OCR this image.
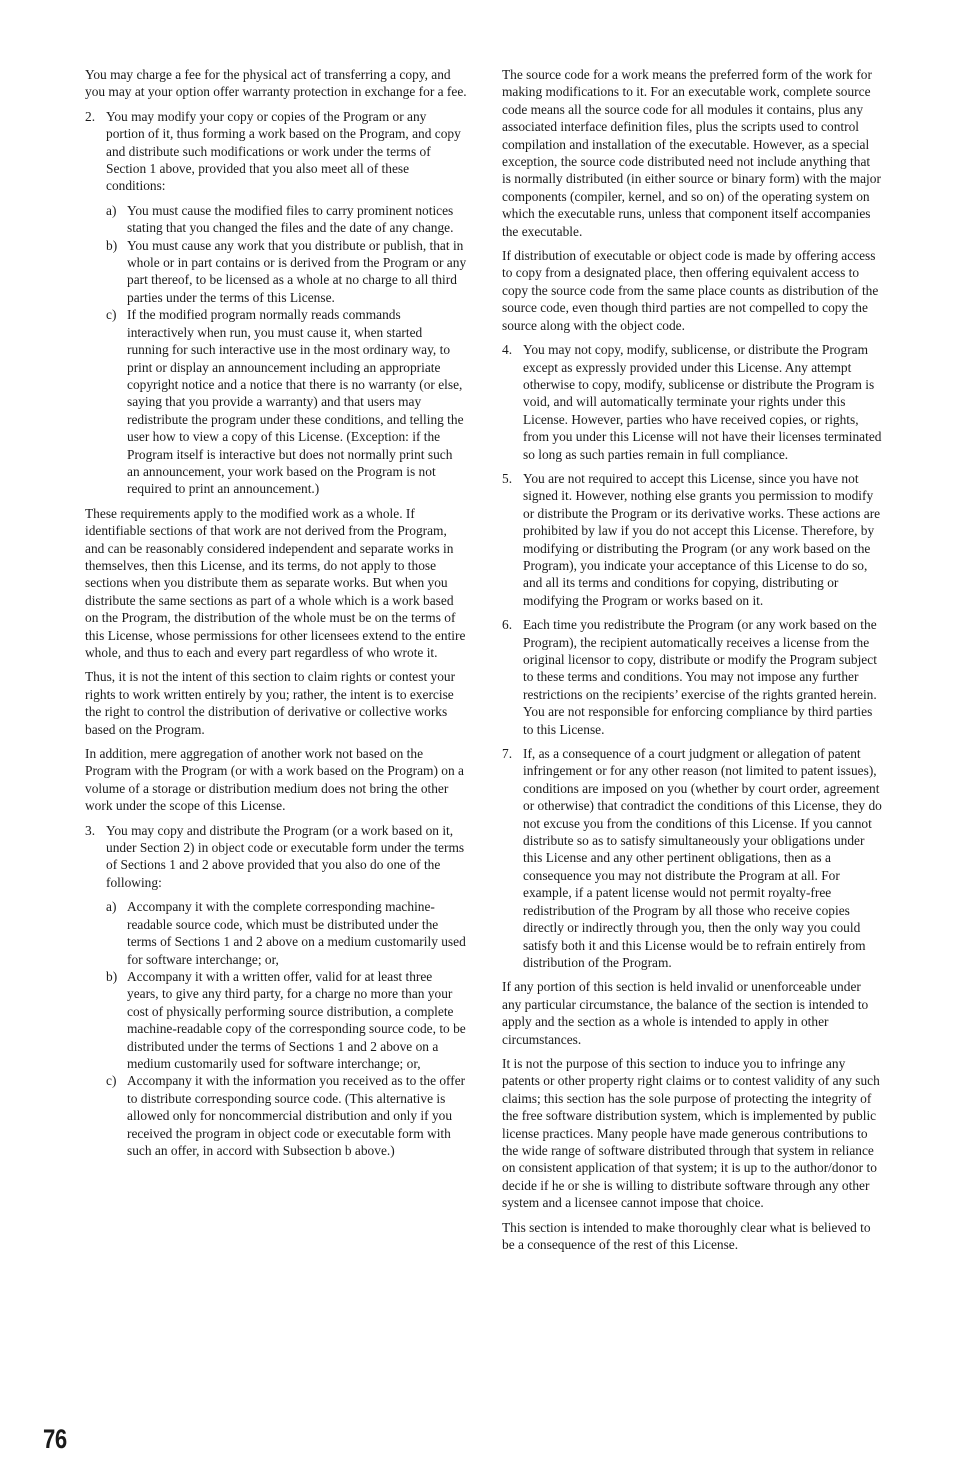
You may charge a fee for the physical act of transferring a copy, and you may at your option offer warranty protection in exchange for a fee.

2. You may modify your copy or copies of the Program or any portion of it, thus forming a work based on the Program, and copy and distribute such modifications or work under the terms of Section 1 above, provided that you also meet all of these conditions:
a) You must cause the modified files to carry prominent notices stating that you changed the files and the date of any change.
b) You must cause any work that you distribute or publish, that in whole or in part contains or is derived from the Program or any part thereof, to be licensed as a whole at no charge to all third parties under the terms of this License.
c) If the modified program normally reads commands interactively when run, you must cause it, when started running for such interactive use in the most ordinary way, to print or display an announcement including an appropriate copyright notice and a notice that there is no warranty (or else, saying that you provide a warranty) and that users may redistribute the program under these conditions, and telling the user how to view a copy of this License. (Exception: if the Program itself is interactive but does not normally print such an announcement, your work based on the Program is not required to print an announcement.)

These requirements apply to the modified work as a whole. If identifiable sections of that work are not derived from the Program, and can be reasonably considered independent and separate works in themselves, then this License, and its terms, do not apply to those sections when you distribute them as separate works. But when you distribute the same sections as part of a whole which is a work based on the Program, the distribution of the whole must be on the terms of this License, whose permissions for other licensees extend to the entire whole, and thus to each and every part regardless of who wrote it.

Thus, it is not the intent of this section to claim rights or contest your rights to work written entirely by you; rather, the intent is to exercise the right to control the distribution of derivative or collective works based on the Program.

In addition, mere aggregation of another work not based on the Program with the Program (or with a work based on the Program) on a volume of a storage or distribution medium does not bring the other work under the scope of this License.

3. You may copy and distribute the Program (or a work based on it, under Section 2) in object code or executable form under the terms of Sections 1 and 2 above provided that you also do one of the following:
a) Accompany it with the complete corresponding machine-readable source code, which must be distributed under the terms of Sections 1 and 2 above on a medium customarily used for software interchange; or,
b) Accompany it with a written offer, valid for at least three years, to give any third party, for a charge no more than your cost of physically performing source distribution, a complete machine-readable copy of the corresponding source code, to be distributed under the terms of Sections 1 and 2 above on a medium customarily used for software interchange; or,
c) Accompany it with the information you received as to the offer to distribute corresponding source code. (This alternative is allowed only for noncommercial distribution and only if you received the program in object code or executable form with such an offer, in accord with Subsection b above.)

The source code for a work means the preferred form of the work for making modifications to it. For an executable work, complete source code means all the source code for all modules it contains, plus any associated interface definition files, plus the scripts used to control compilation and installation of the executable. However, as a special exception, the source code distributed need not include anything that is normally distributed (in either source or binary form) with the major components (compiler, kernel, and so on) of the operating system on which the executable runs, unless that component itself accompanies the executable.

If distribution of executable or object code is made by offering access to copy from a designated place, then offering equivalent access to copy the source code from the same place counts as distribution of the source code, even though third parties are not compelled to copy the source along with the object code.

4. You may not copy, modify, sublicense, or distribute the Program except as expressly provided under this License. Any attempt otherwise to copy, modify, sublicense or distribute the Program is void, and will automatically terminate your rights under this License. However, parties who have received copies, or rights, from you under this License will not have their licenses terminated so long as such parties remain in full compliance.
5. You are not required to accept this License, since you have not signed it. However, nothing else grants you permission to modify or distribute the Program or its derivative works. These actions are prohibited by law if you do not accept this License. Therefore, by modifying or distributing the Program (or any work based on the Program), you indicate your acceptance of this License to do so, and all its terms and conditions for copying, distributing or modifying the Program or works based on it.
6. Each time you redistribute the Program (or any work based on the Program), the recipient automatically receives a license from the original licensor to copy, distribute or modify the Program subject to these terms and conditions. You may not impose any further restrictions on the recipients’ exercise of the rights granted herein. You are not responsible for enforcing compliance by third parties to this License.
7. If, as a consequence of a court judgment or allegation of patent infringement or for any other reason (not limited to patent issues), conditions are imposed on you (whether by court order, agreement or otherwise) that contradict the conditions of this License, they do not excuse you from the conditions of this License. If you cannot distribute so as to satisfy simultaneously your obligations under this License and any other pertinent obligations, then as a consequence you may not distribute the Program at all. For example, if a patent license would not permit royalty-free redistribution of the Program by all those who receive copies directly or indirectly through you, then the only way you could satisfy both it and this License would be to refrain entirely from distribution of the Program.

If any portion of this section is held invalid or unenforceable under any particular circumstance, the balance of the section is intended to apply and the section as a whole is intended to apply in other circumstances.

It is not the purpose of this section to induce you to infringe any patents or other property right claims or to contest validity of any such claims; this section has the sole purpose of protecting the integrity of the free software distribution system, which is implemented by public license practices. Many people have made generous contributions to the wide range of software distributed through that system in reliance on consistent application of that system; it is up to the author/donor to decide if he or she is willing to distribute software through any other system and a licensee cannot impose that choice.

This section is intended to make thoroughly clear what is believed to be a consequence of the rest of this License.

76
